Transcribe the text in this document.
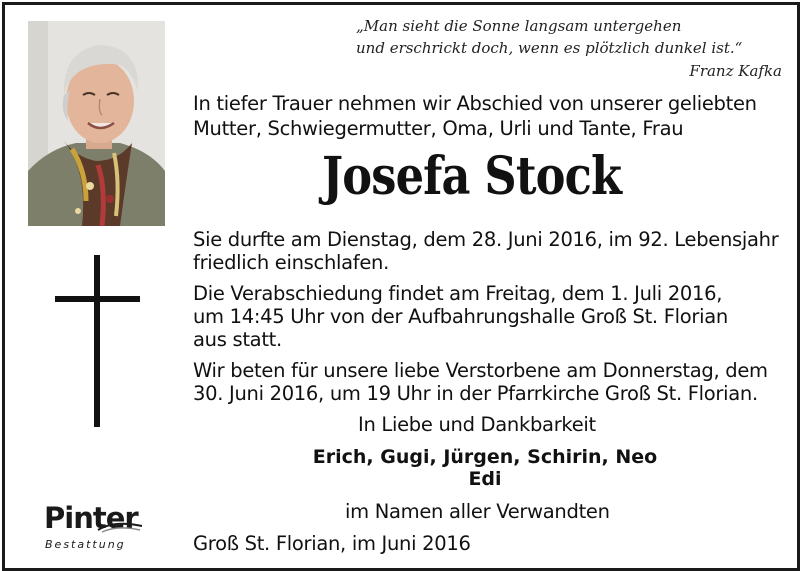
„Man sieht die Sonne langsam untergehen
und erschrickt doch, wenn es plötzlich dunkel ist.“
Franz Kafka
In tiefer Trauer nehmen wir Abschied von unserer geliebten
Mutter, Schwiegermutter, Oma, Urli und Tante, Frau
Josefa Stock
Sie durfte am Dienstag, dem 28. Juni 2016, im 92. Lebensjahr
friedlich einschlafen.
Die Verabschiedung findet am Freitag, dem 1. Juli 2016,
um 14:45 Uhr von der Aufbahrungshalle Groß St. Florian
aus statt.
Wir beten für unsere liebe Verstorbene am Donnerstag, dem
30. Juni 2016, um 19 Uhr in der Pfarrkirche Groß St. Florian.
In Liebe und Dankbarkeit
Erich, Gugi, Jürgen, Schirin, Neo
Edi
im Namen aller Verwandten
Groß St. Florian, im Juni 2016
Pinter
Bestattung
